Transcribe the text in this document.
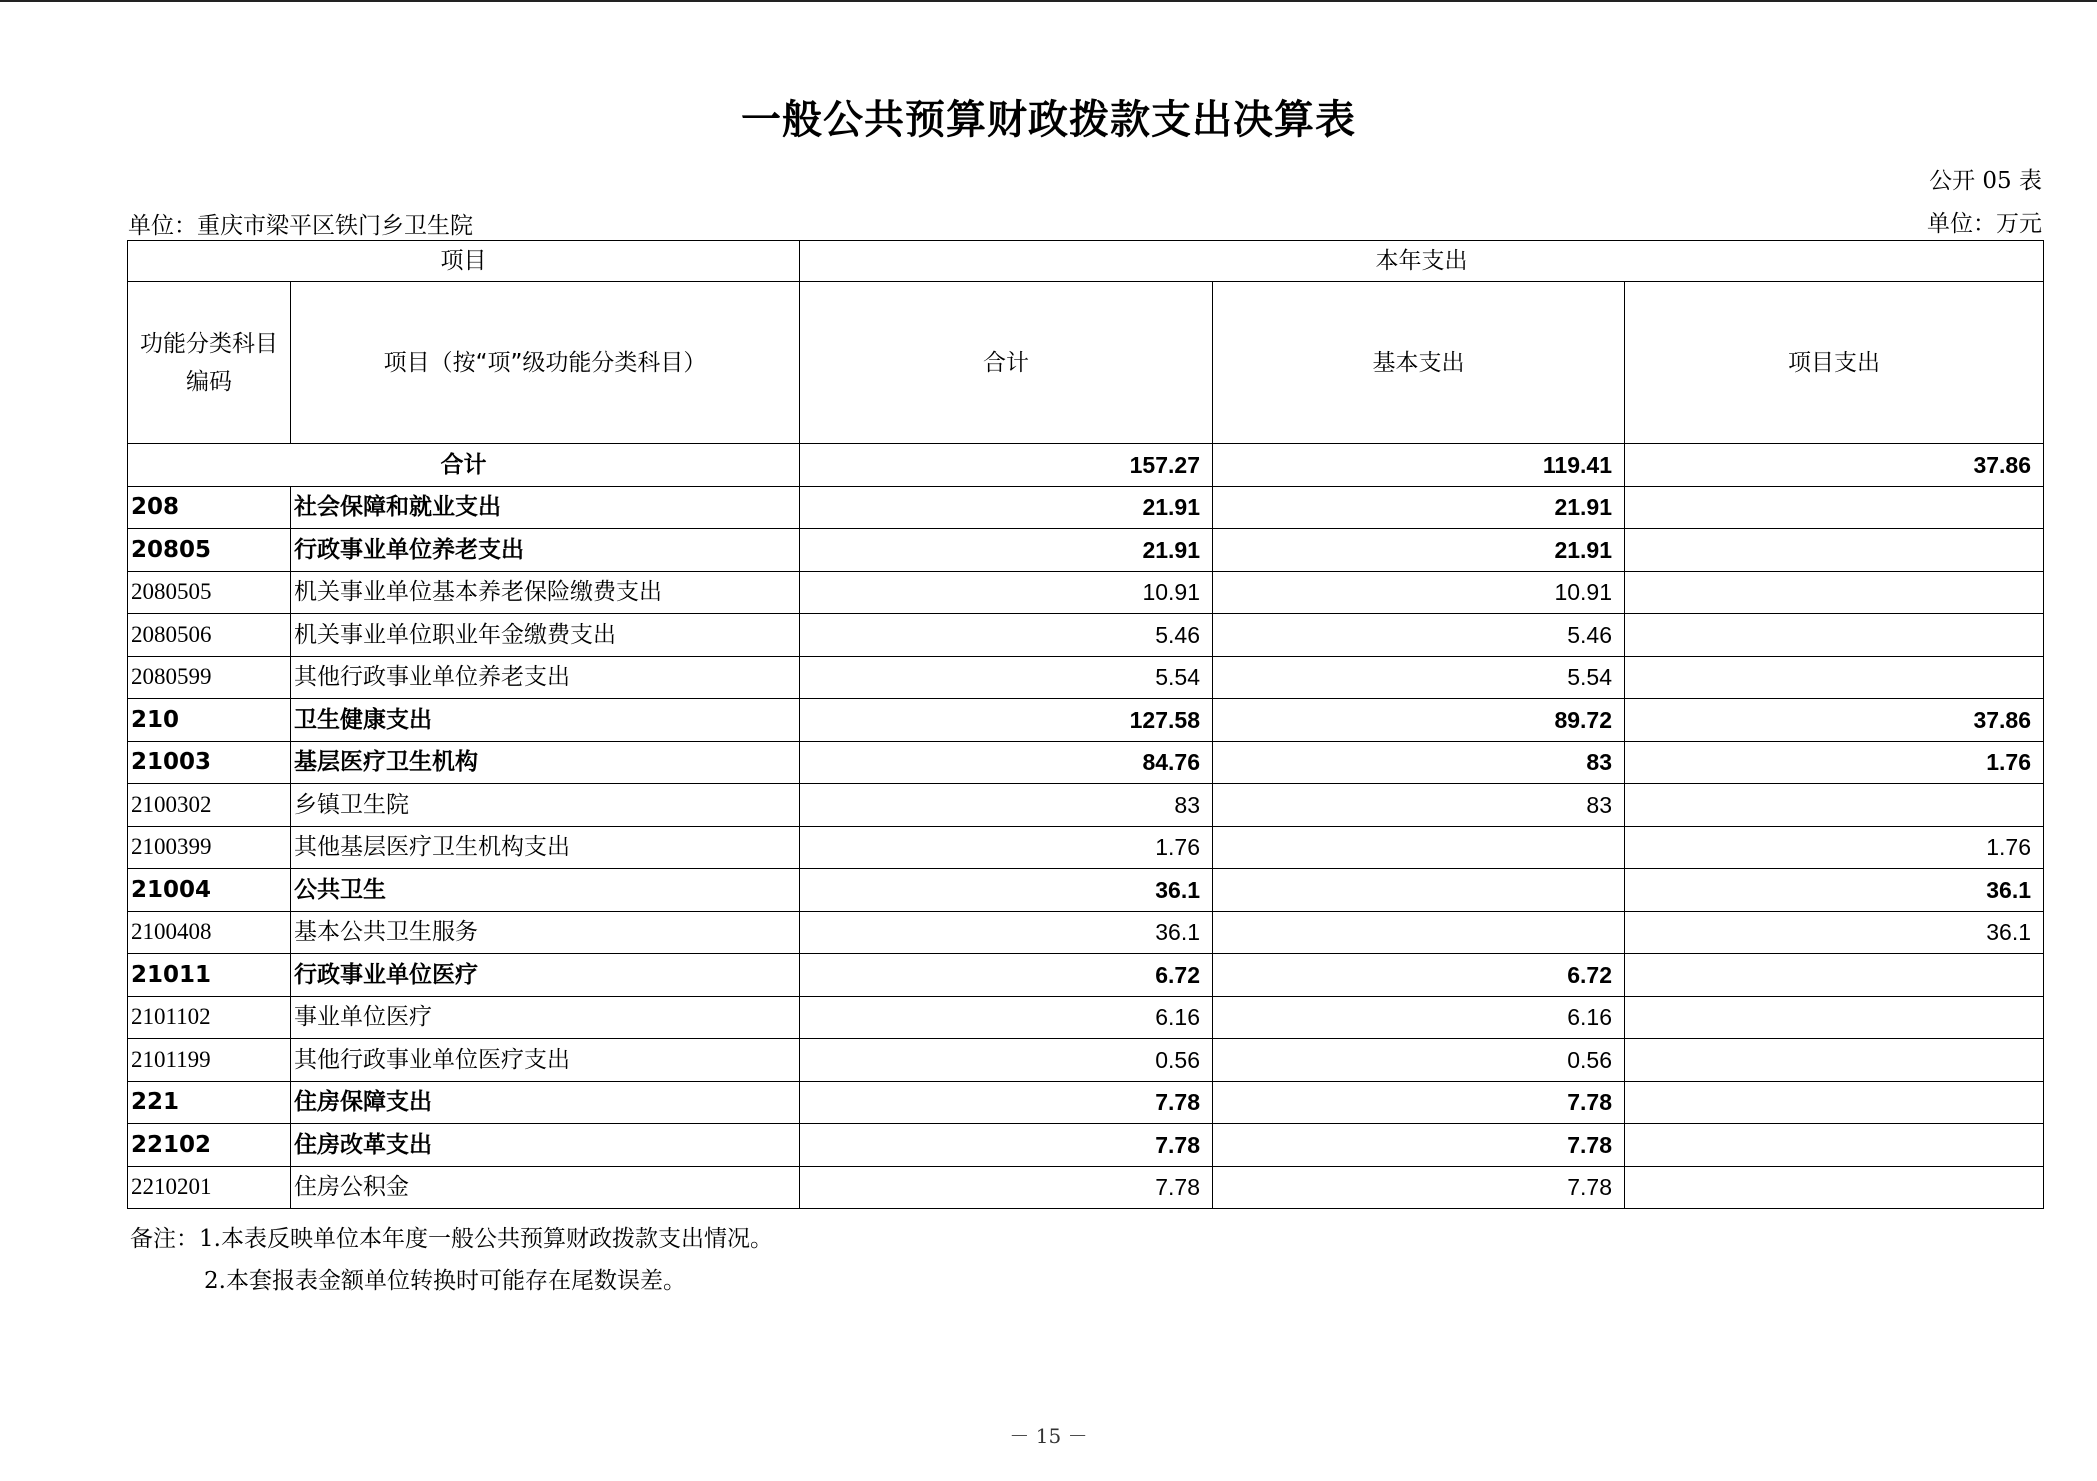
一般公共预算财政拨款支出决算表
公开 05 表
单位：重庆市梁平区铁门乡卫生院	单位：万元
项目		本年支出		
功能分类科目编码	项目（按“项”级功能分类科目）	合计	基本支出	项目支出
合计		157.27	119.41	37.86
208	社会保障和就业支出	21.91	21.91	
20805	行政事业单位养老支出	21.91	21.91	
2080505	机关事业单位基本养老保险缴费支出	10.91	10.91	
2080506	机关事业单位职业年金缴费支出	5.46	5.46	
2080599	其他行政事业单位养老支出	5.54	5.54	
210	卫生健康支出	127.58	89.72	37.86
21003	基层医疗卫生机构	84.76	83	1.76
2100302	乡镇卫生院	83	83	
2100399	其他基层医疗卫生机构支出	1.76		1.76
21004	公共卫生	36.1		36.1
2100408	基本公共卫生服务	36.1		36.1
21011	行政事业单位医疗	6.72	6.72	
2101102	事业单位医疗	6.16	6.16	
2101199	其他行政事业单位医疗支出	0.56	0.56	
221	住房保障支出	7.78	7.78	
22102	住房改革支出	7.78	7.78	
2210201	住房公积金	7.78	7.78	
备注：1.本表反映单位本年度一般公共预算财政拨款支出情况。
2.本套报表金额单位转换时可能存在尾数误差。
－ 15 －
